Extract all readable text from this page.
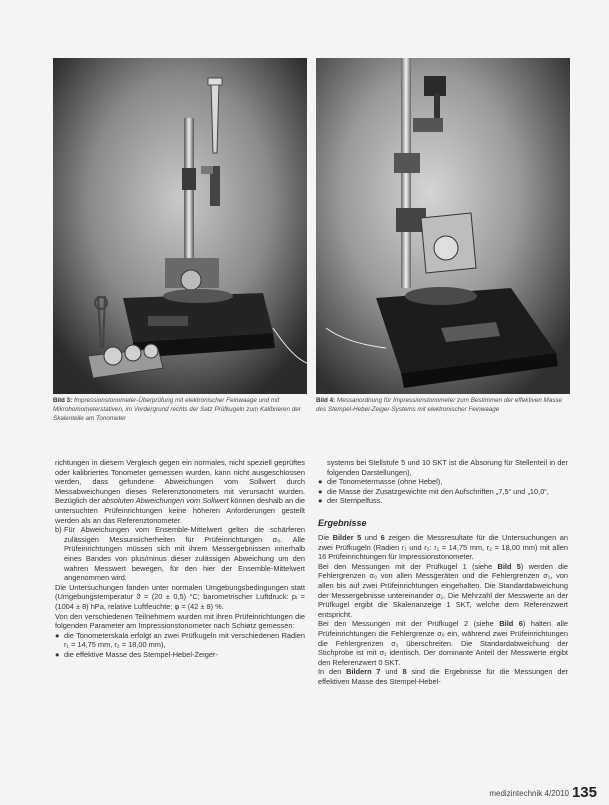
Bild 3: Impressionstonometer-Überprüfung mit elektronischer Feinwaage und mit Mikrohomometerstativen, im Vordergrund rechts der Satz Prüfkugeln zum Kalibrieren der Skalenteile am Tonometer

Bild 4: Messanordnung für Impressionstonometer zum Bestimmen der effektiven Masse des Stempel-Hebel-Zeiger-Systems mit elektronischer Feinwaage

richtungen in diesem Vergleich gegen ein normales, nicht speziell geprüftes oder kalibriertes Tonometer gemessen wurden, kann nicht ausgeschlossen werden, dass gefundene Abweichungen vom Sollwert durch Messabweichungen dieses Referenztonometers mit verursacht wurden. Bezüglich der absoluten Abweichungen vom Sollwert können deshalb an die untersuchten Prüfeinrichtungen keine höheren Anforderungen gestellt werden als an das Referenztonometer.

b) Für Abweichungen vom Ensemble-Mittelwert gelten die schärferen zulässigen Messunsicherheiten für Prüfeinrichtungen σ₀. Alle Prüfeinrichtungen müssen sich mit ihrem Messergebnissen innerhalb eines Bandes von plus/minus dieser zulässigen Abweichung um den wahren Messwert bewegen, für den hier der Ensemble-Mittelwert angenommen wird.

Die Untersuchungen fanden unter normalen Umgebungsbedingungen statt (Umgebungstemperatur ϑ = (20 ± 0,5) °C; barometrischer Luftdruck: pₗ = (1004 ± 8) hPa, relative Luftfeuchte: φ = (42 ± 8) %.

Von den verschiedenen Teilnehmern wurden mit ihren Prüfeinrichtungen die folgenden Parameter am Impressionstonometer nach Schiøtz gemessen:

● die Tonometerskala erfolgt an zwei Prüfkugeln mit verschiedenen Radien r₁ = 14,75 mm, r₂ = 18,00 mm),

● die effektive Masse des Stempel-Hebel-Zeiger-

systems bei Stellstufe 5 und 10 SKT ist die Absorung für Stellenteil in der folgenden Darstellungen),

● die Tonometermasse (ohne Hebel),

● die Masse der Zusatzgewichte mit den Aufschriften „7,5“ und „10,0“,

● der Stempelfuss.

Ergebnisse

Die Bilder 5 und 6 zeigen die Messresultate für die Untersuchungen an zwei Prüfkugeln (Radien r₁ und r₂: r₁ = 14,75 mm, r₂ = 18,00 mm) mit allen 16 Prüfeinrichtungen für Impressionstonometer.

Bei den Messungen mit der Prüfkugel 1 (siehe Bild 5) werden die Fehlergrenzen σ₀ von allen Messgeräten und die Fehlergrenzen σ₁, von allen bis auf zwei Prüfeinrichtungen eingehalten. Die Standardabweichung der Messergebnisse untereinander σ₁. Die Mehrzahl der Messwerte an der Prüfkugel ergibt die Skalenanzeige 1 SKT, welche dem Referenzwert entspricht.

Bei den Messungen mit der Prüfkugel 2 (siehe Bild 6) halten alle Prüfeinrichtungen die Fehlergrenze σ₀ ein, während zwei Prüfeinrichtungen die Fehlergrenzen σ₁ überschreiten. Die Standardabweichung der Stichprobe ist mit σ₁ identisch. Der dominante Anteil der Messwerte ergibt den Referenzwert 0 SKT.

In den Bildern 7 und 8 sind die Ergebnisse für die Messungen der effektiven Masse des Stempel-Hebel-

medizintechnik 4/2010 135
